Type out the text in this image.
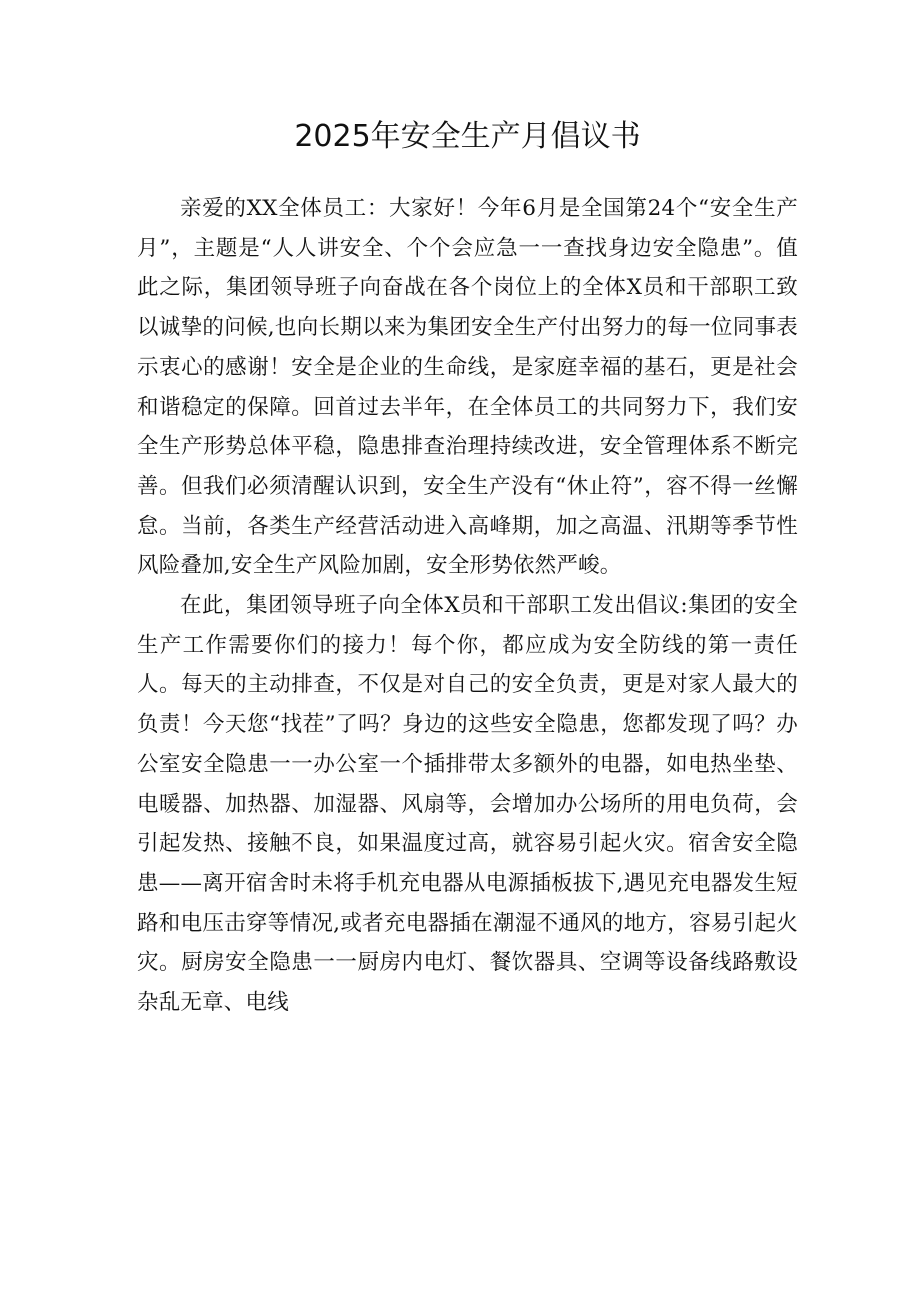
2025年安全生产月倡议书

亲爱的XX全体员工：大家好！今年6月是全国第24个“安全生产月”，主题是“人人讲安全、个个会应急一一查找身边安全隐患”。值此之际，集团领导班子向奋战在各个岗位上的全体X员和干部职工致以诚挚的问候,也向长期以来为集团安全生产付出努力的每一位同事表示衷心的感谢！安全是企业的生命线，是家庭幸福的基石，更是社会和谐稳定的保障。回首过去半年，在全体员工的共同努力下，我们安全生产形势总体平稳，隐患排查治理持续改进，安全管理体系不断完善。但我们必须清醒认识到，安全生产没有“休止符”，容不得一丝懈怠。当前，各类生产经营活动进入高峰期，加之高温、汛期等季节性风险叠加,安全生产风险加剧，安全形势依然严峻。

在此，集团领导班子向全体X员和干部职工发出倡议:集团的安全生产工作需要你们的接力！每个你，都应成为安全防线的第一责任人。每天的主动排查，不仅是对自己的安全负责，更是对家人最大的负责！今天您“找茬”了吗？身边的这些安全隐患，您都发现了吗？办公室安全隐患一一办公室一个插排带太多额外的电器，如电热坐垫、电暖器、加热器、加湿器、风扇等，会增加办公场所的用电负荷，会引起发热、接触不良，如果温度过高，就容易引起火灾。宿舍安全隐患——离开宿舍时未将手机充电器从电源插板拔下,遇见充电器发生短路和电压击穿等情况,或者充电器插在潮湿不通风的地方，容易引起火灾。厨房安全隐患一一厨房内电灯、餐饮器具、空调等设备线路敷设杂乱无章、电线
